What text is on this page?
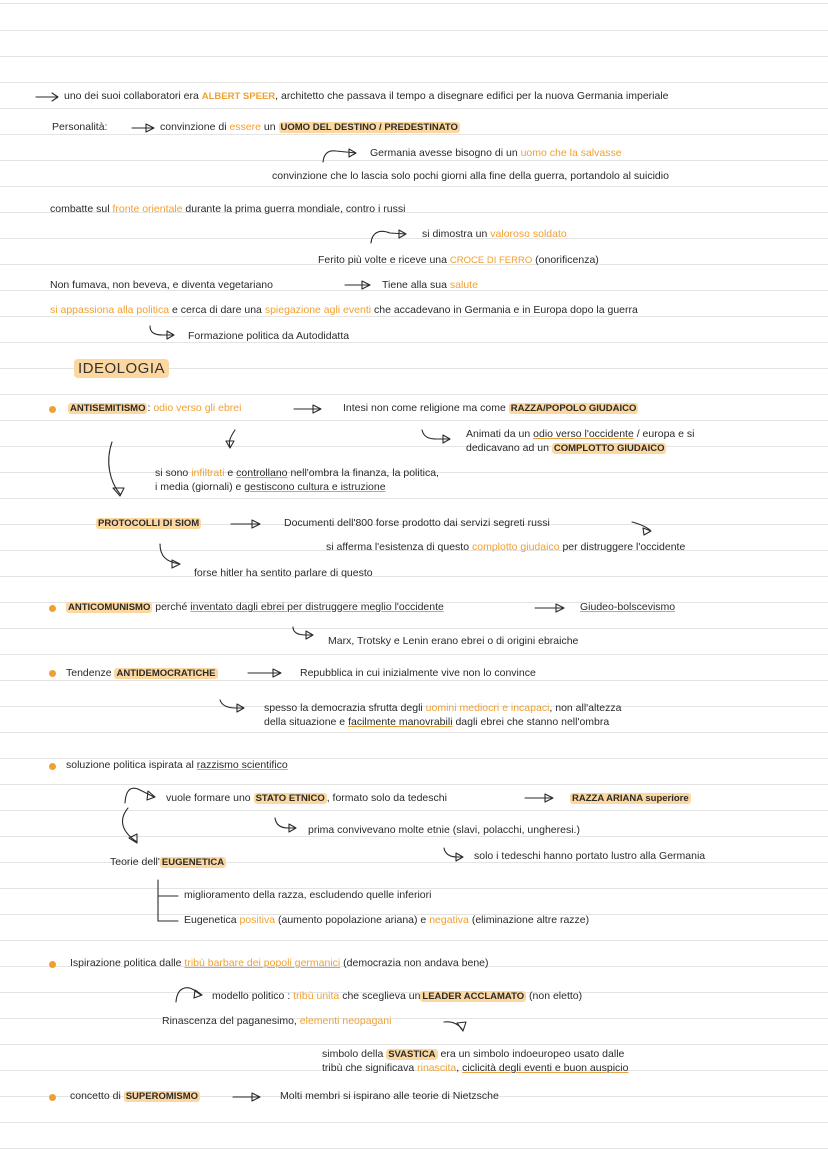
uno dei suoi collaboratori era ALBERT SPEER, architetto che passava il tempo a disegnare edifici per la nuova Germania imperiale
Personalità:	convinzione di essere un UOMO DEL DESTINO / PREDESTINATO
Germania avesse bisogno di un uomo che la salvasse
convinzione che lo lascia solo pochi giorni alla fine della guerra, portandolo al suicidio
combatte sul fronte orientale durante la prima guerra mondiale, contro i russi
si dimostra un valoroso soldato
Ferito più volte e riceve una CROCE DI FERRO (onorificenza)
Non fumava, non beveva, e diventa vegetariano	Tiene alla sua salute
si appassiona alla politica e cerca di dare una spiegazione agli eventi che accadevano in Germania e in Europa dopo la guerra
Formazione politica da Autodidatta
IDEOLOGIA
ANTISEMITISMO : odio verso gli ebrei	Intesi non come religione ma come RAZZA/POPOLO GIUDAICO
Animati da un odio verso l'occidente / europa e si
dedicavano ad un COMPLOTTO GIUDAICO
si sono infiltrati e controllano nell'ombra la finanza, la politica,
i media (giornali) e gestiscono cultura e istruzione
PROTOCOLLI DI SIOM	Documenti dell'800 forse prodotto dai servizi segreti russi
si afferma l'esistenza di questo complotto giudaico per distruggere l'occidente
forse hitler ha sentito parlare di questo
ANTICOMUNISMO perché inventato dagli ebrei per distruggere meglio l'occidente	Giudeo-bolscevismo
Marx, Trotsky e Lenin erano ebrei o di origini ebraiche
Tendenze ANTIDEMOCRATICHE	Repubblica in cui inizialmente vive non lo convince
spesso la democrazia sfrutta degli uomini mediocri e incapaci, non all'altezza
della situazione e facilmente manovrabili dagli ebrei che stanno nell'ombra
soluzione politica ispirata al razzismo scientifico
vuole formare uno STATO ETNICO , formato solo da tedeschi	RAZZA ARIANA superiore
prima convivevano molte etnie (slavi, polacchi, ungheresi.)
Teorie dell' EUGENETICA
solo i tedeschi hanno portato lustro alla Germania
miglioramento della razza, escludendo quelle inferiori
Eugenetica positiva (aumento popolazione ariana) e negativa (eliminazione altre razze)
Ispirazione politica dalle tribù barbare dei popoli germanici (democrazia non andava bene)
modello politico : tribù unita che sceglieva un LEADER ACCLAMATO (non eletto)
Rinascenza del paganesimo, elementi neopagani
simbolo della SVASTICA era un simbolo indoeuropeo usato dalle
tribù che significava rinascita, ciclicità degli eventi e buon auspicio
concetto di SUPEROMISMO	Molti membri si ispirano alle teorie di Nietzsche
